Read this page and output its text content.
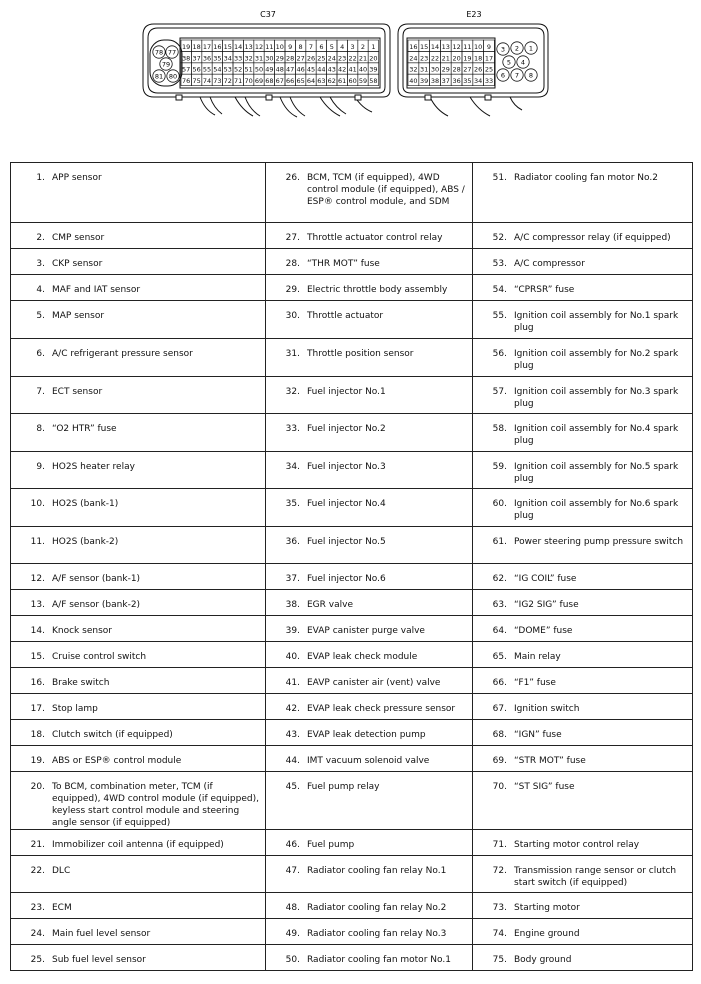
C37	E23
19 18 17 16 15 14 13 12 11 10 9 8 7 6 5 4 3 2 1
38 37 36 35 34 33 32 31 30 29 28 27 26 25 24 23 22 21 20
57 56 55 54 53 52 51 50 49 48 47 46 45 44 43 42 41 40 39
76 75 74 73 72 71 70 69 68 67 66 65 64 63 62 61 60 59 58
78 77
79
81 80
16 15 14 13 12 11 10 9
24 23 22 21 20 19 18 17
32 31 30 29 28 27 26 25
40 39 38 37 36 35 34 33
3 2 1
5 4
6 7 8
1. APP sensor	26. BCM, TCM (if equipped), 4WD control module (if equipped), ABS / ESP® control module, and SDM	51. Radiator cooling fan motor No.2

2. CMP sensor	27. Throttle actuator control relay	52. A/C compressor relay (if equipped)

3. CKP sensor	28. “THR MOT” fuse	53. A/C compressor

4. MAF and IAT sensor	29. Electric throttle body assembly	54. “CPRSR” fuse

5. MAP sensor	30. Throttle actuator	55. Ignition coil assembly for No.1 spark plug

6. A/C refrigerant pressure sensor	31. Throttle position sensor	56. Ignition coil assembly for No.2 spark plug

7. ECT sensor	32. Fuel injector No.1	57. Ignition coil assembly for No.3 spark plug

8. “O2 HTR” fuse	33. Fuel injector No.2	58. Ignition coil assembly for No.4 spark plug

9. HO2S heater relay	34. Fuel injector No.3	59. Ignition coil assembly for No.5 spark plug

10. HO2S (bank-1)	35. Fuel injector No.4	60. Ignition coil assembly for No.6 spark plug

11. HO2S (bank-2)	36. Fuel injector No.5	61. Power steering pump pressure switch

12. A/F sensor (bank-1)	37. Fuel injector No.6	62. “IG COIL” fuse

13. A/F sensor (bank-2)	38. EGR valve	63. “IG2 SIG” fuse

14. Knock sensor	39. EVAP canister purge valve	64. “DOME” fuse

15. Cruise control switch	40. EVAP leak check module	65. Main relay

16. Brake switch	41. EAVP canister air (vent) valve	66. “F1” fuse

17. Stop lamp	42. EVAP leak check pressure sensor	67. Ignition switch

18. Clutch switch (if equipped)	43. EVAP leak detection pump	68. “IGN” fuse

19. ABS or ESP® control module	44. IMT vacuum solenoid valve	69. “STR MOT” fuse

20. To BCM, combination meter, TCM (if equipped), 4WD control module (if equipped), keyless start control module and steering angle sensor (if equipped)	45. Fuel pump relay	70. “ST SIG” fuse

21. Immobilizer coil antenna (if equipped)	46. Fuel pump	71. Starting motor control relay

22. DLC	47. Radiator cooling fan relay No.1	72. Transmission range sensor or clutch start switch (if equipped)

23. ECM	48. Radiator cooling fan relay No.2	73. Starting motor

24. Main fuel level sensor	49. Radiator cooling fan relay No.3	74. Engine ground

25. Sub fuel level sensor	50. Radiator cooling fan motor No.1	75. Body ground
